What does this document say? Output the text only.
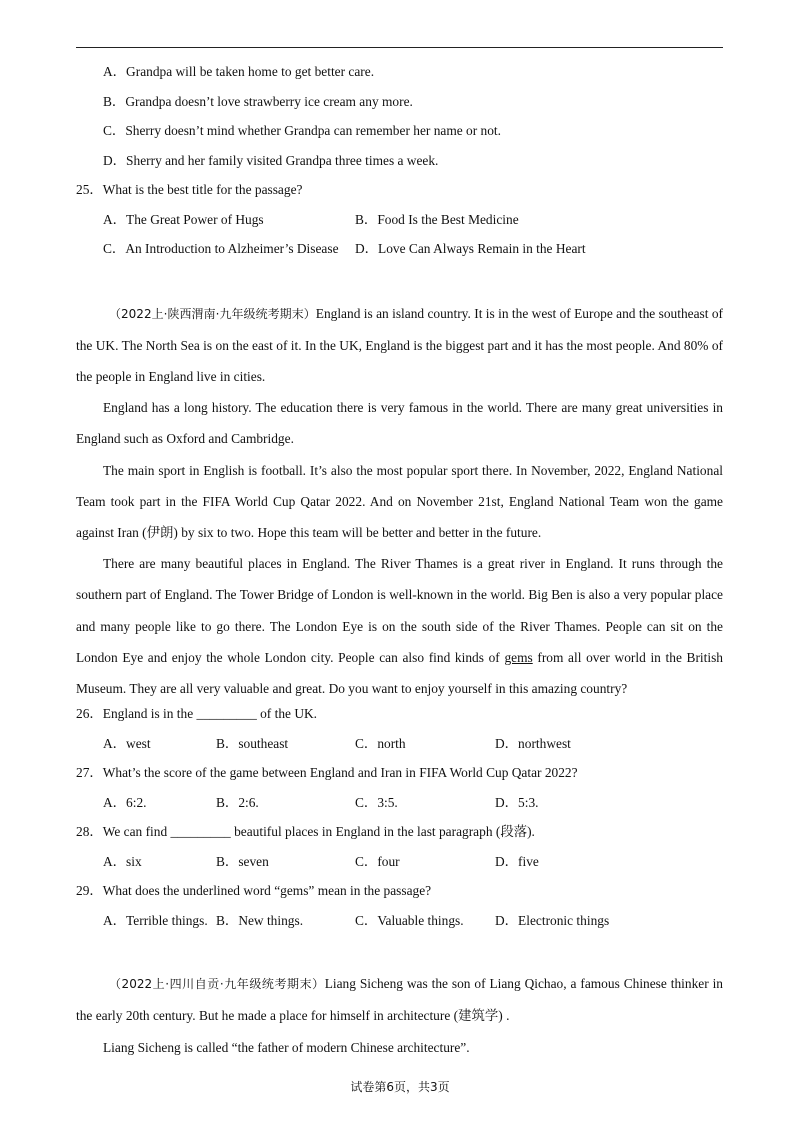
A．Grandpa will be taken home to get better care.
B．Grandpa doesn’t love strawberry ice cream any more.
C．Sherry doesn’t mind whether Grandpa can remember her name or not.
D．Sherry and her family visited Grandpa three times a week.
25．What is the best title for the passage?
A．The Great Power of Hugs	B．Food Is the Best Medicine
C．An Introduction to Alzheimer’s Disease D．Love Can Always Remain in the Heart

（2022上·陕西渭南·九年级统考期末）England is an island country. It is in the west of Europe and the southeast of the UK. The North Sea is on the east of it. In the UK, England is the biggest part and it has the most people. And 80% of the people in England live in cities.

England has a long history. The education there is very famous in the world. There are many great universities in England such as Oxford and Cambridge.

The main sport in English is football. It’s also the most popular sport there. In November, 2022, England National Team took part in the FIFA World Cup Qatar 2022. And on November 21st, England National Team won the game against Iran (伊朗) by six to two. Hope this team will be better and better in the future.

There are many beautiful places in England. The River Thames is a great river in England. It runs through the southern part of England. The Tower Bridge of London is well-known in the world. Big Ben is also a very popular place and many people like to go there. The London Eye is on the south side of the River Thames. People can sit on the London Eye and enjoy the whole London city. People can also find kinds of gems from all over world in the British Museum. They are all very valuable and great. Do you want to enjoy yourself in this amazing country?

26．England is in the _________ of the UK.
A．west	B．southeast	C．north	D．northwest
27．What’s the score of the game between England and Iran in FIFA World Cup Qatar 2022?
A．6:2.	B．2:6.	C．3:5.	D．5:3.
28．We can find _________ beautiful places in England in the last paragraph (段落).
A．six	B．seven	C．four	D．five
29．What does the underlined word “gems” mean in the passage?
A．Terrible things. B．New things.	C．Valuable things. D．Electronic things

（2022上·四川自贡·九年级统考期末）Liang Sicheng was the son of Liang Qichao, a famous Chinese thinker in the early 20th century. But he made a place for himself in architecture (建筑学) .

Liang Sicheng is called “the father of modern Chinese architecture”.

试卷第6页，共3页
